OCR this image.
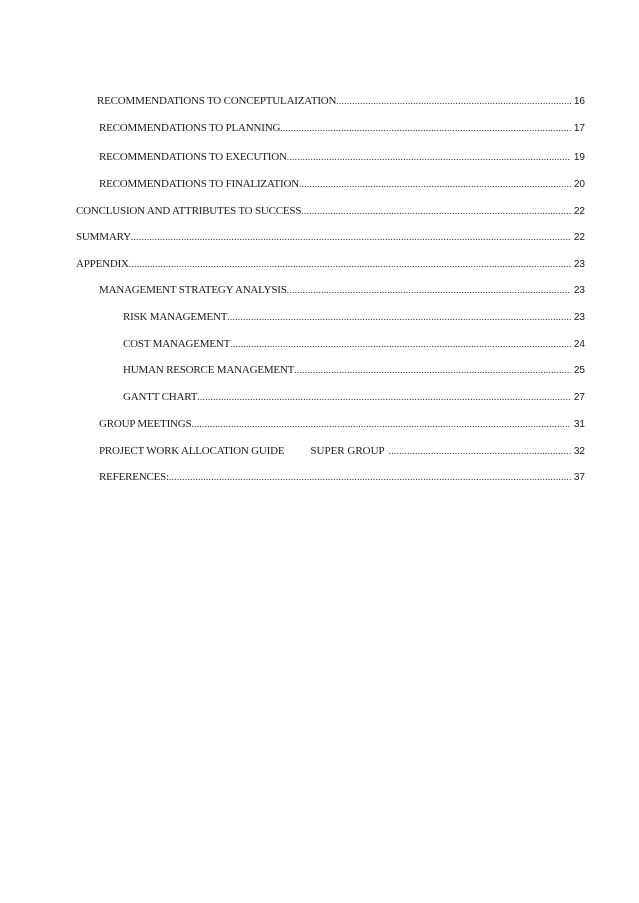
RECOMMENDATIONS TO CONCEPTULAIZATION .....	16
RECOMMENDATIONS TO PLANNING .....	17
RECOMMENDATIONS TO EXECUTION .....	19
RECOMMENDATIONS TO FINALIZATION .....	20
CONCLUSION AND ATTRIBUTES TO SUCCESS .....	22
SUMMARY .....	22
APPENDIX .....	23
MANAGEMENT STRATEGY ANALYSIS .....	23
RISK MANAGEMENT .....	23
COST MANAGEMENT .....	24
HUMAN RESORCE MANAGEMENT .....	25
GANTT CHART .....	27
GROUP MEETINGS .....	31
PROJECT WORK ALLOCATION GUIDE SUPER GROUP .....	32
REFERENCES: .....	37
